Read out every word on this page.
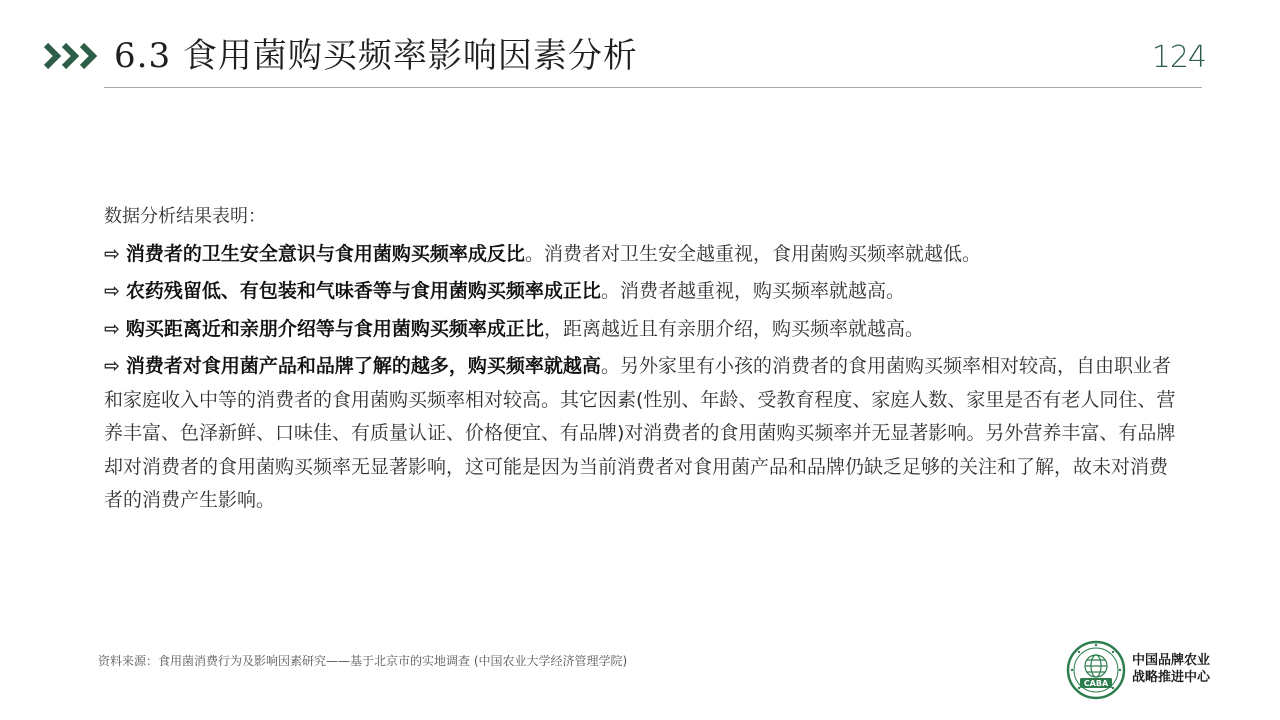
6.3 食用菌购买频率影响因素分析	124

数据分析结果表明：

⇨ 消费者的卫生安全意识与食用菌购买频率成反比。消费者对卫生安全越重视，食用菌购买频率就越低。

⇨ 农药残留低、有包装和气味香等与食用菌购买频率成正比。消费者越重视，购买频率就越高。

⇨ 购买距离近和亲朋介绍等与食用菌购买频率成正比，距离越近且有亲朋介绍，购买频率就越高。

⇨ 消费者对食用菌产品和品牌了解的越多，购买频率就越高。另外家里有小孩的消费者的食用菌购买频率相对较高，自由职业者和家庭收入中等的消费者的食用菌购买频率相对较高。其它因素(性别、年龄、受教育程度、家庭人数、家里是否有老人同住、营养丰富、色泽新鲜、口味佳、有质量认证、价格便宜、有品牌)对消费者的食用菌购买频率并无显著影响。另外营养丰富、有品牌却对消费者的食用菌购买频率无显著影响，这可能是因为当前消费者对食用菌产品和品牌仍缺乏足够的关注和了解，故未对消费者的消费产生影响。

资料来源：食用菌消费行为及影响因素研究——基于北京市的实地调查 (中国农业大学经济管理学院)
CABA
中国品牌农业
战略推进中心
